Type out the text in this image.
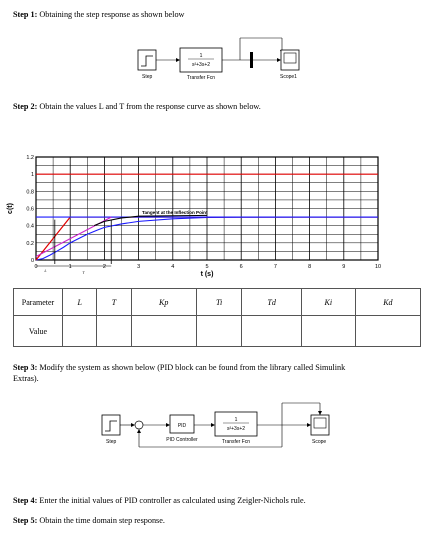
Step 1: Obtaining the step response as shown below
Step
1
s²+3s+2
Transfer Fcn	Scope1
Step 2: Obtain the values L and T from the response curve as shown below.
Tangent at the Inflection Point
L	T
0	1	2	3	4	5	6	7	8	9	10
0
0.2
0.4
0.6
0.8
1
1.2
t (s)
c(t)
Parameter	L	T	Kp	Ti	Td	Ki	Kd
Value							
Step 3: Modify the system as shown below (PID block can be found from the library called Simulink
Extras).
Step
PID
PID Controller
1
s²+3s+2
Transfer Fcn	Scope
Step 4: Enter the initial values of PID controller as calculated using Zeigler-Nichols rule.
Step 5: Obtain the time domain step response.
